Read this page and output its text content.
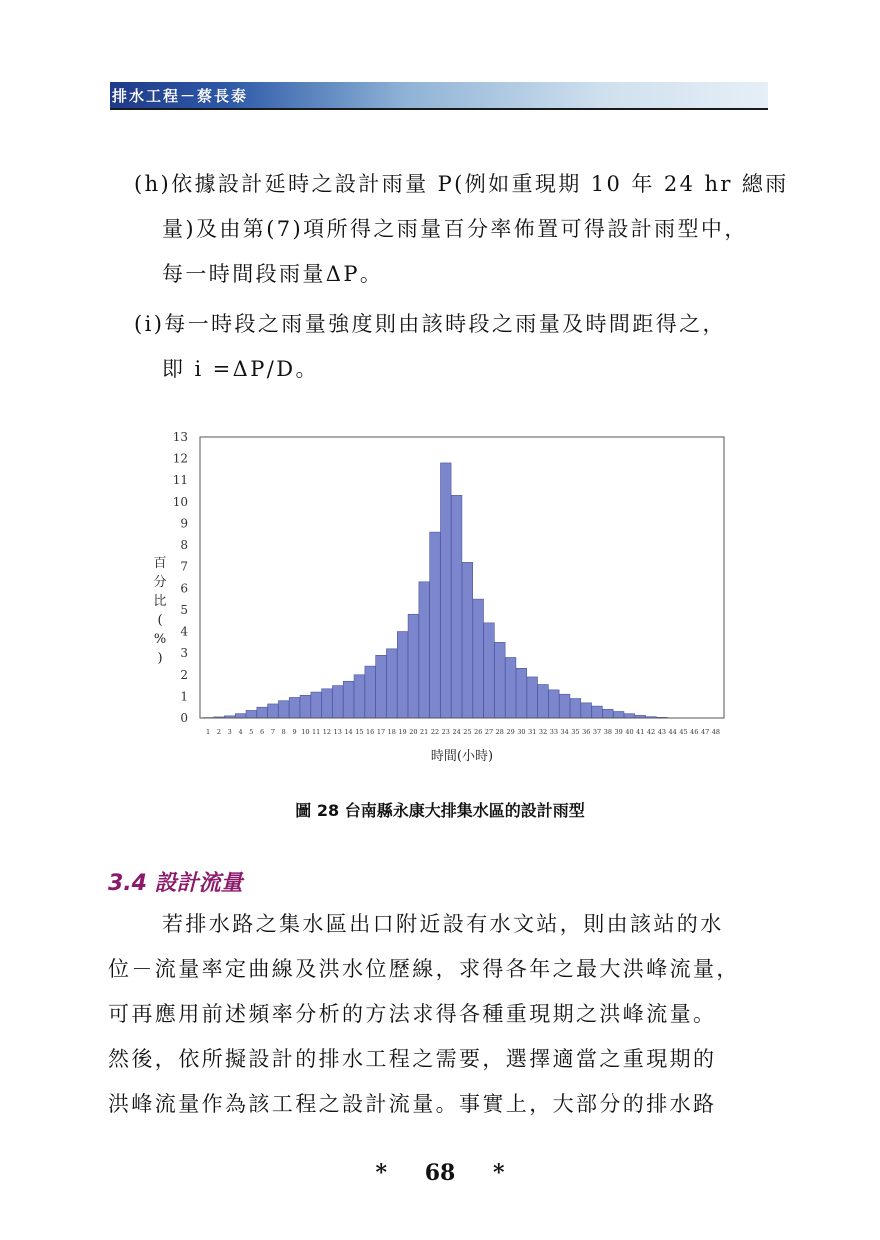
排水工程－蔡長泰
(h)依據設計延時之設計雨量 P(例如重現期 10 年 24 hr 總雨
量)及由第(7)項所得之雨量百分率佈置可得設計雨型中，
每一時間段雨量ΔP。
(i)每一時段之雨量強度則由該時段之雨量及時間距得之，
即 i =ΔP/D。
0
1
2
3
4
5
6
7
8
9
10
11
12
13
1 2 3 4 5 6 7 8 9 10 11 12 13 14 15 16 17 18 19 20 21 22 23 24 25 26 27 28 29 30 31 32 33 34 35 36 37 38 39 40 41 42 43 44 45 46 47 48
百分比( % )
時間(小時)
圖 28 台南縣永康大排集水區的設計雨型
3.4 設計流量
若排水路之集水區出口附近設有水文站，則由該站的水
位－流量率定曲線及洪水位歷線，求得各年之最大洪峰流量，
可再應用前述頻率分析的方法求得各種重現期之洪峰流量。
然後，依所擬設計的排水工程之需要，選擇適當之重現期的
洪峰流量作為該工程之設計流量。事實上，大部分的排水路
* 68 *
